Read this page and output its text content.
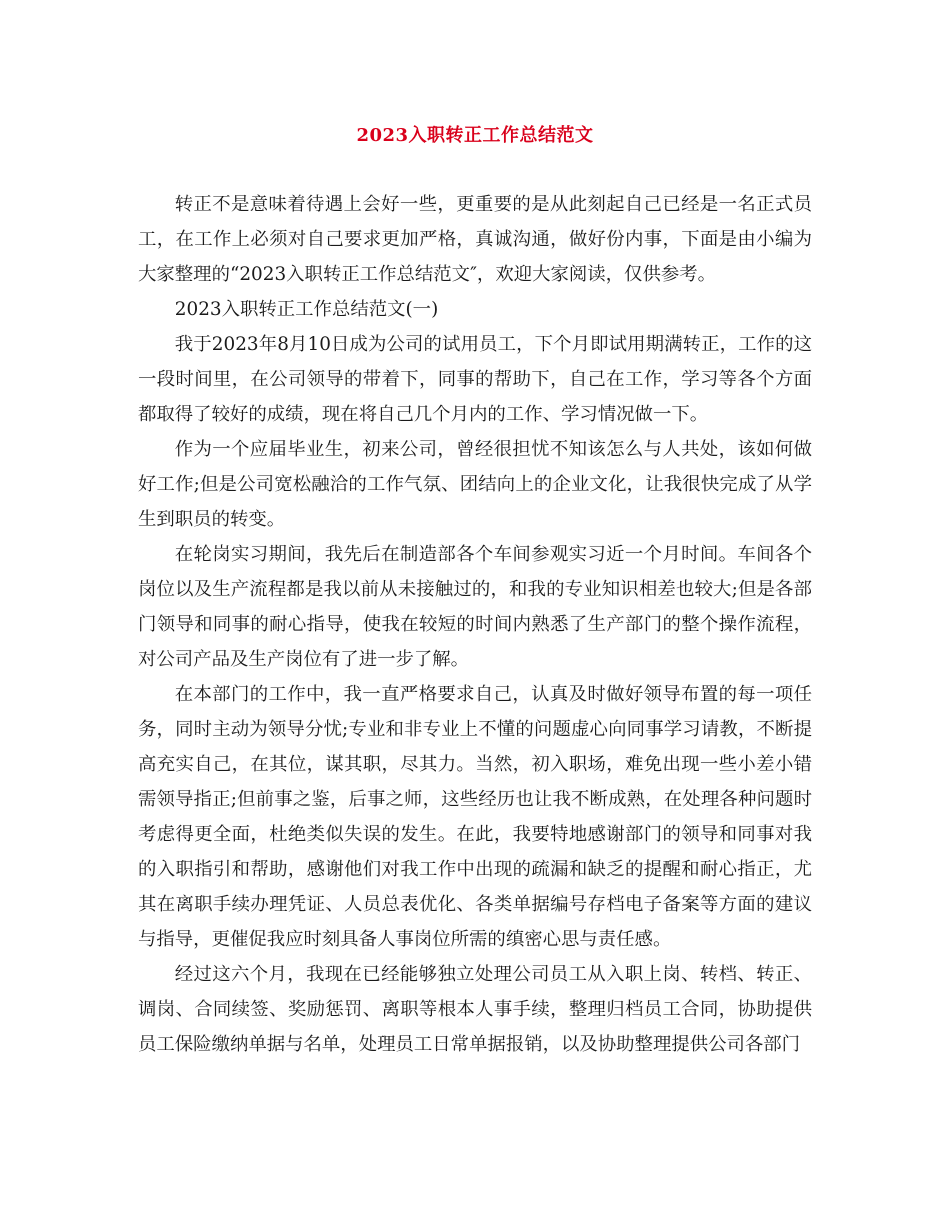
2023入职转正工作总结范文

转正不是意味着待遇上会好一些，更重要的是从此刻起自己已经是一名正式员工，在工作上必须对自己要求更加严格，真诚沟通，做好份内事，下面是由小编为大家整理的“2023入职转正工作总结范文″，欢迎大家阅读，仅供参考。

2023入职转正工作总结范文(一)

我于2023年8月10日成为公司的试用员工，下个月即试用期满转正，工作的这一段时间里，在公司领导的带着下，同事的帮助下，自己在工作，学习等各个方面都取得了较好的成绩，现在将自己几个月内的工作、学习情况做一下。

作为一个应届毕业生，初来公司，曾经很担忧不知该怎么与人共处，该如何做好工作;但是公司宽松融洽的工作气氛、团结向上的企业文化，让我很快完成了从学生到职员的转变。

在轮岗实习期间，我先后在制造部各个车间参观实习近一个月时间。车间各个岗位以及生产流程都是我以前从未接触过的，和我的专业知识相差也较大;但是各部门领导和同事的耐心指导，使我在较短的时间内熟悉了生产部门的整个操作流程，对公司产品及生产岗位有了进一步了解。

在本部门的工作中，我一直严格要求自己，认真及时做好领导布置的每一项任务，同时主动为领导分忧;专业和非专业上不懂的问题虚心向同事学习请教，不断提高充实自己，在其位，谋其职，尽其力。当然，初入职场，难免出现一些小差小错需领导指正;但前事之鉴，后事之师，这些经历也让我不断成熟，在处理各种问题时考虑得更全面，杜绝类似失误的发生。在此，我要特地感谢部门的领导和同事对我的入职指引和帮助，感谢他们对我工作中出现的疏漏和缺乏的提醒和耐心指正，尤其在离职手续办理凭证、人员总表优化、各类单据编号存档电子备案等方面的建议与指导，更催促我应时刻具备人事岗位所需的缜密心思与责任感。

经过这六个月，我现在已经能够独立处理公司员工从入职上岗、转档、转正、调岗、合同续签、奖励惩罚、离职等根本人事手续，整理归档员工合同，协助提供员工保险缴纳单据与名单，处理员工日常单据报销，以及协助整理提供公司各部门
